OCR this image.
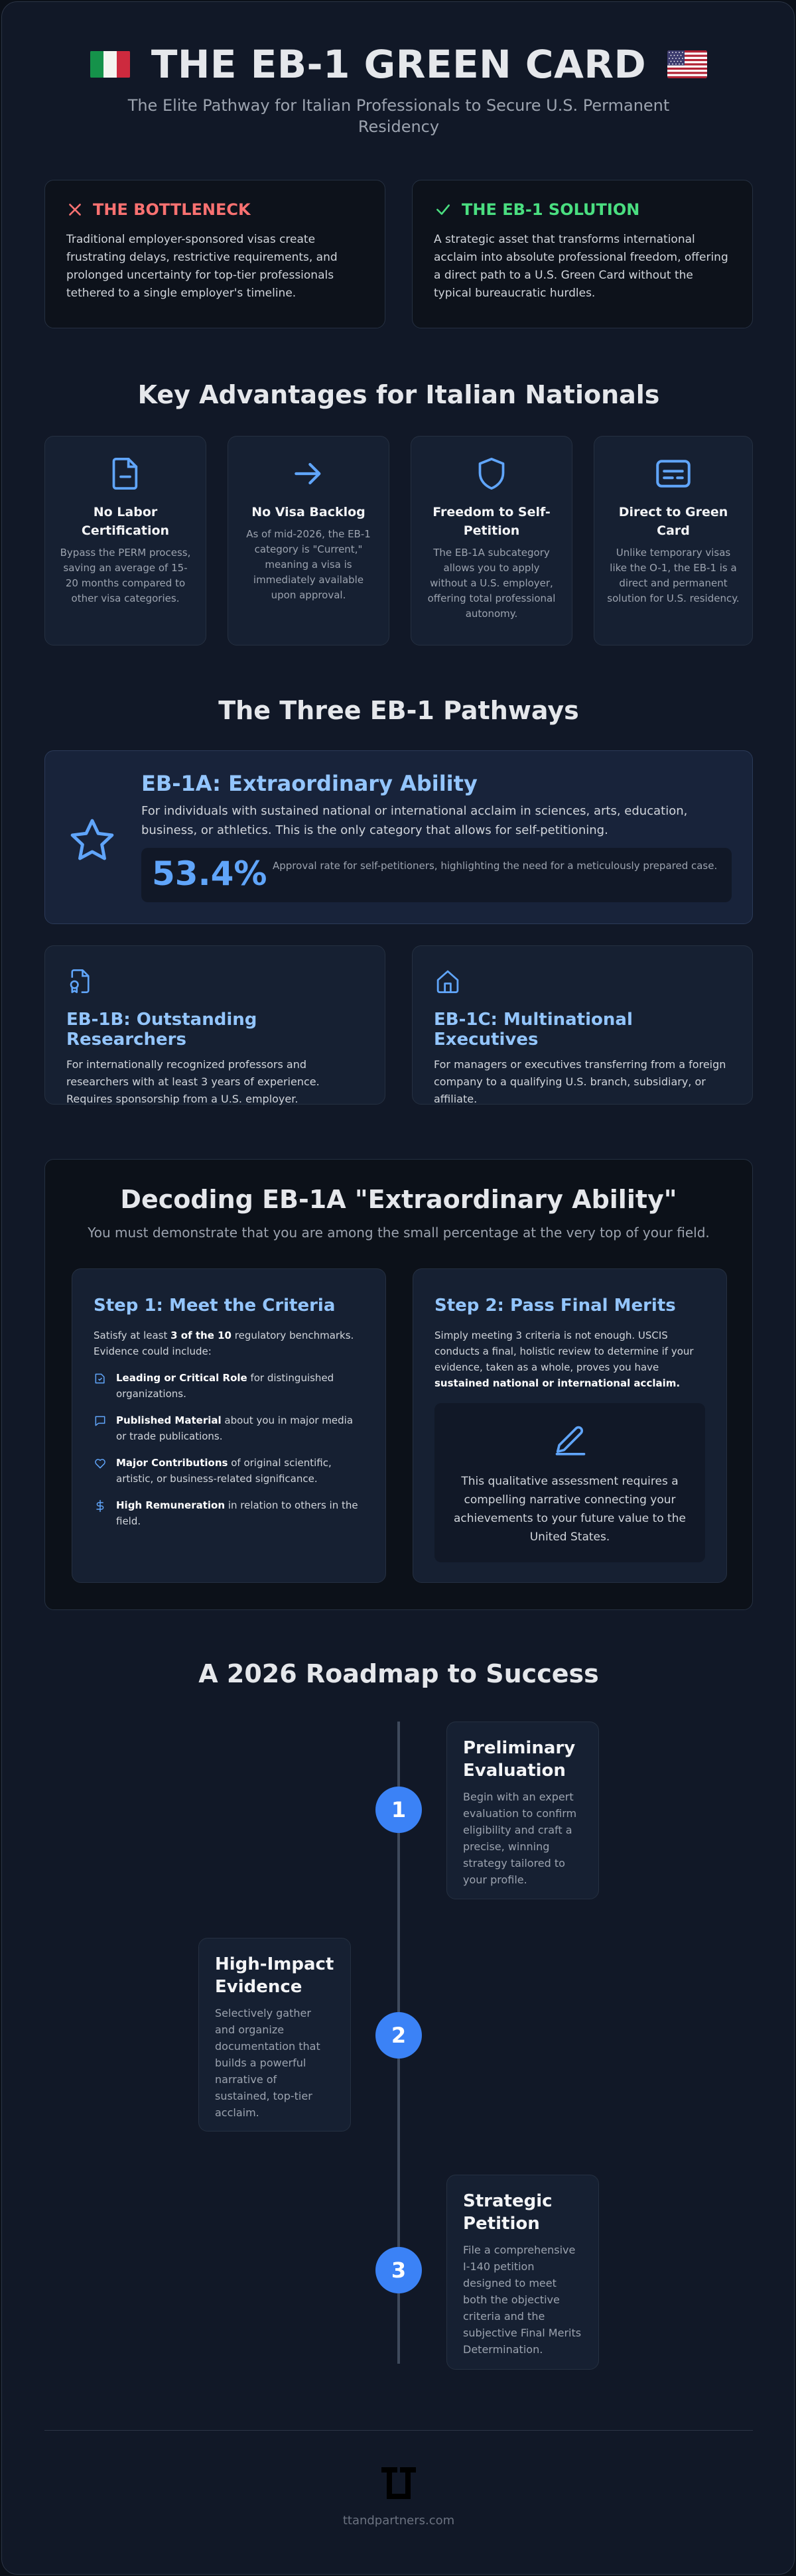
THE EB-1 GREEN CARD
The Elite Pathway for Italian Professionals to Secure U.S. Permanent Residency
THE BOTTLENECK
Traditional employer-sponsored visas create frustrating delays, restrictive requirements, and prolonged uncertainty for top-tier professionals tethered to a single employer's timeline.
THE EB-1 SOLUTION
A strategic asset that transforms international acclaim into absolute professional freedom, offering a direct path to a U.S. Green Card without the typical bureaucratic hurdles.
Key Advantages for Italian Nationals
No Labor Certification
Bypass the PERM process, saving an average of 15-20 months compared to other visa categories.
No Visa Backlog
As of mid-2026, the EB-1 category is "Current," meaning a visa is immediately available upon approval.
Freedom to Self-Petition
The EB-1A subcategory allows you to apply without a U.S. employer, offering total professional autonomy.
Direct to Green Card
Unlike temporary visas like the O-1, the EB-1 is a direct and permanent solution for U.S. residency.
The Three EB-1 Pathways
EB-1A: Extraordinary Ability
For individuals with sustained national or international acclaim in sciences, arts, education, business, or athletics. This is the only category that allows for self-petitioning.
53.4% Approval rate for self-petitioners, highlighting the need for a meticulously prepared case.
EB-1B: Outstanding Researchers
For internationally recognized professors and researchers with at least 3 years of experience. Requires sponsorship from a U.S. employer.
EB-1C: Multinational Executives
For managers or executives transferring from a foreign company to a qualifying U.S. branch, subsidiary, or affiliate.
Decoding EB-1A "Extraordinary Ability"
You must demonstrate that you are among the small percentage at the very top of your field.
Step 1: Meet the Criteria
Satisfy at least 3 of the 10 regulatory benchmarks. Evidence could include:
Leading or Critical Role for distinguished organizations.
Published Material about you in major media or trade publications.
Major Contributions of original scientific, artistic, or business-related significance.
High Remuneration in relation to others in the field.
Step 2: Pass Final Merits
Simply meeting 3 criteria is not enough. USCIS conducts a final, holistic review to determine if your evidence, taken as a whole, proves you have sustained national or international acclaim.
This qualitative assessment requires a compelling narrative connecting your achievements to your future value to the United States.
A 2026 Roadmap to Success
1
Preliminary Evaluation
Begin with an expert evaluation to confirm eligibility and craft a precise, winning strategy tailored to your profile.
2
High-Impact Evidence
Selectively gather and organize documentation that builds a powerful narrative of sustained, top-tier acclaim.
3
Strategic Petition
File a comprehensive I-140 petition designed to meet both the objective criteria and the subjective Final Merits Determination.
ttandpartners.com
